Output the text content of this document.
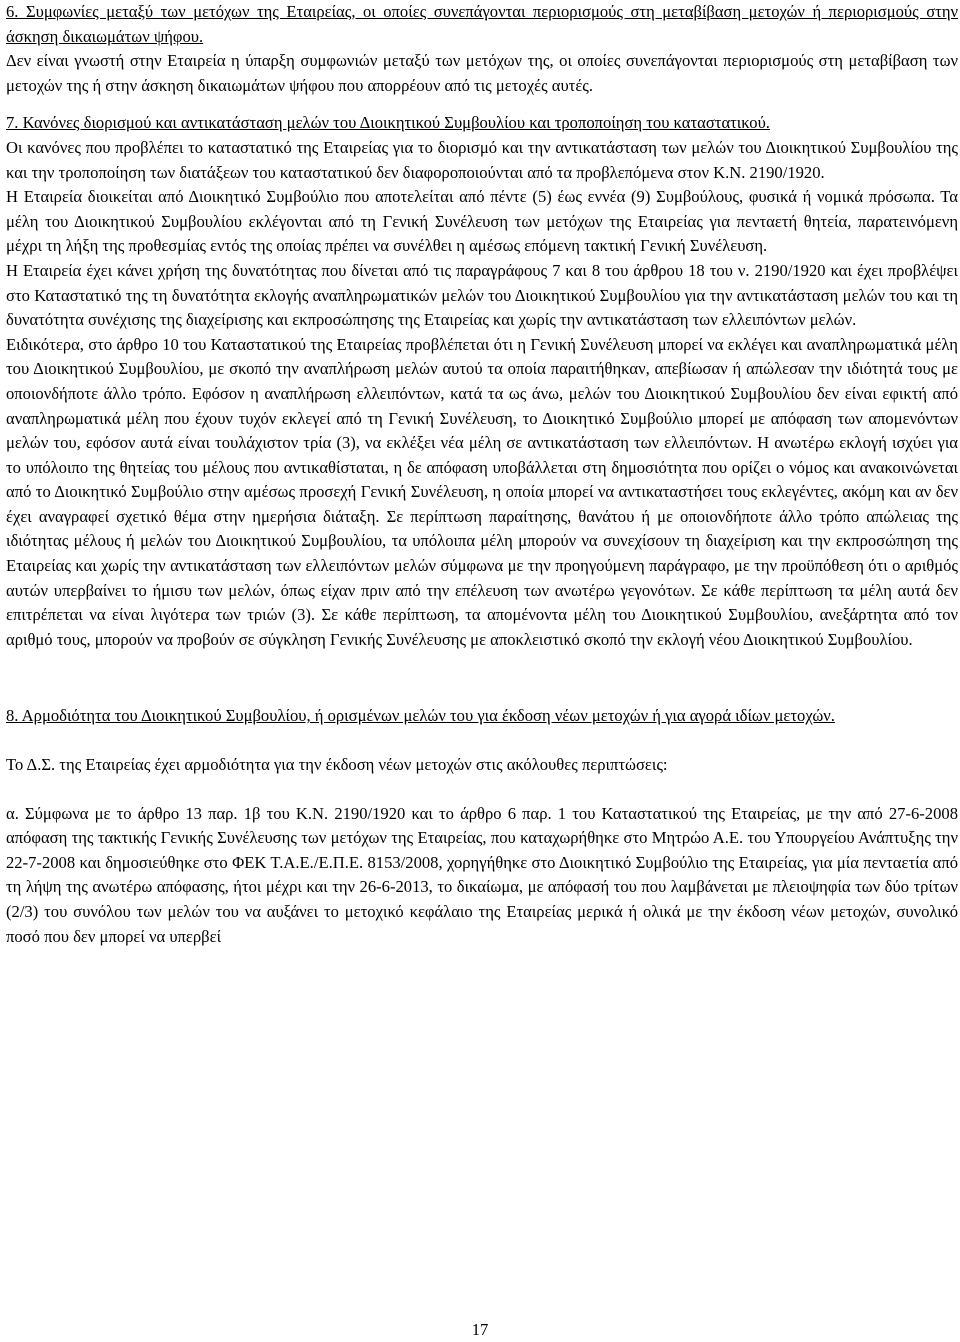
6. Συμφωνίες μεταξύ των μετόχων της Εταιρείας, οι οποίες συνεπάγονται περιορισμούς στη μεταβίβαση μετοχών ή περιορισμούς στην άσκηση δικαιωμάτων ψήφου.

Δεν είναι γνωστή στην Εταιρεία η ύπαρξη συμφωνιών μεταξύ των μετόχων της, οι οποίες συνεπάγονται περιορισμούς στη μεταβίβαση των μετοχών της ή στην άσκηση δικαιωμάτων ψήφου που απορρέουν από τις μετοχές αυτές.

7. Κανόνες διορισμού και αντικατάσταση μελών του Διοικητικού Συμβουλίου και τροποποίηση του καταστατικού.

Οι κανόνες που προβλέπει το καταστατικό της Εταιρείας για το διορισμό και την αντικατάσταση των μελών του Διοικητικού Συμβουλίου της και την τροποποίηση των διατάξεων του καταστατικού δεν διαφοροποιούνται από τα προβλεπόμενα στον Κ.Ν. 2190/1920.

Η Εταιρεία διοικείται από Διοικητικό Συμβούλιο που αποτελείται από πέντε (5) έως εννέα (9) Συμβούλους, φυσικά ή νομικά πρόσωπα. Τα μέλη του Διοικητικού Συμβουλίου εκλέγονται από τη Γενική Συνέλευση των μετόχων της Εταιρείας για πενταετή θητεία, παρατεινόμενη μέχρι τη λήξη της προθεσμίας εντός της οποίας πρέπει να συνέλθει η αμέσως επόμενη τακτική Γενική Συνέλευση.

Η Εταιρεία έχει κάνει χρήση της δυνατότητας που δίνεται από τις παραγράφους 7 και 8 του άρθρου 18 του ν. 2190/1920 και έχει προβλέψει στο Καταστατικό της τη δυνατότητα εκλογής αναπληρωματικών μελών του Διοικητικού Συμβουλίου για την αντικατάσταση μελών του και τη δυνατότητα συνέχισης της διαχείρισης και εκπροσώπησης της Εταιρείας και χωρίς την αντικατάσταση των ελλειπόντων μελών.

Ειδικότερα, στο άρθρο 10 του Καταστατικού της Εταιρείας προβλέπεται ότι η Γενική Συνέλευση μπορεί να εκλέγει και αναπληρωματικά μέλη του Διοικητικού Συμβουλίου, με σκοπό την αναπλήρωση μελών αυτού τα οποία παραιτήθηκαν, απεβίωσαν ή απώλεσαν την ιδιότητά τους με οποιονδήποτε άλλο τρόπο. Εφόσον η αναπλήρωση ελλειπόντων, κατά τα ως άνω, μελών του Διοικητικού Συμβουλίου δεν είναι εφικτή από αναπληρωματικά μέλη που έχουν τυχόν εκλεγεί από τη Γενική Συνέλευση, το Διοικητικό Συμβούλιο μπορεί με απόφαση των απομενόντων μελών του, εφόσον αυτά είναι τουλάχιστον τρία (3), να εκλέξει νέα μέλη σε αντικατάσταση των ελλειπόντων. Η ανωτέρω εκλογή ισχύει για το υπόλοιπο της θητείας του μέλους που αντικαθίσταται, η δε απόφαση υποβάλλεται στη δημοσιότητα που ορίζει ο νόμος και ανακοινώνεται από το Διοικητικό Συμβούλιο στην αμέσως προσεχή Γενική Συνέλευση, η οποία μπορεί να αντικαταστήσει τους εκλεγέντες, ακόμη και αν δεν έχει αναγραφεί σχετικό θέμα στην ημερήσια διάταξη. Σε περίπτωση παραίτησης, θανάτου ή με οποιονδήποτε άλλο τρόπο απώλειας της ιδιότητας μέλους ή μελών του Διοικητικού Συμβουλίου, τα υπόλοιπα μέλη μπορούν να συνεχίσουν τη διαχείριση και την εκπροσώπηση της Εταιρείας και χωρίς την αντικατάσταση των ελλειπόντων μελών σύμφωνα με την προηγούμενη παράγραφο, με την προϋπόθεση ότι ο αριθμός αυτών υπερβαίνει το ήμισυ των μελών, όπως είχαν πριν από την επέλευση των ανωτέρω γεγονότων. Σε κάθε περίπτωση τα μέλη αυτά δεν επιτρέπεται να είναι λιγότερα των τριών (3). Σε κάθε περίπτωση, τα απομένοντα μέλη του Διοικητικού Συμβουλίου, ανεξάρτητα από τον αριθμό τους, μπορούν να προβούν σε σύγκληση Γενικής Συνέλευσης με αποκλειστικό σκοπό την εκλογή νέου Διοικητικού Συμβουλίου.

8. Αρμοδιότητα του Διοικητικού Συμβουλίου, ή ορισμένων μελών του για έκδοση νέων μετοχών ή για αγορά ιδίων μετοχών.

Το Δ.Σ. της Εταιρείας έχει αρμοδιότητα για την έκδοση νέων μετοχών στις ακόλουθες περιπτώσεις:

α. Σύμφωνα με το άρθρο 13 παρ. 1β του Κ.Ν. 2190/1920 και το άρθρο 6 παρ. 1 του Καταστατικού της Εταιρείας, με την από 27-6-2008 απόφαση της τακτικής Γενικής Συνέλευσης των μετόχων της Εταιρείας, που καταχωρήθηκε στο Μητρώο Α.Ε. του Υπουργείου Ανάπτυξης την 22-7-2008 και δημοσιεύθηκε στο ΦΕΚ Τ.Α.Ε./Ε.Π.Ε. 8153/2008, χορηγήθηκε στο Διοικητικό Συμβούλιο της Εταιρείας, για μία πενταετία από τη λήψη της ανωτέρω απόφασης, ήτοι μέχρι και την 26-6-2013, το δικαίωμα, με απόφασή του που λαμβάνεται με πλειοψηφία των δύο τρίτων (2/3) του συνόλου των μελών του να αυξάνει το μετοχικό κεφάλαιο της Εταιρείας μερικά ή ολικά με την έκδοση νέων μετοχών, συνολικό ποσό που δεν μπορεί να υπερβεί

17
